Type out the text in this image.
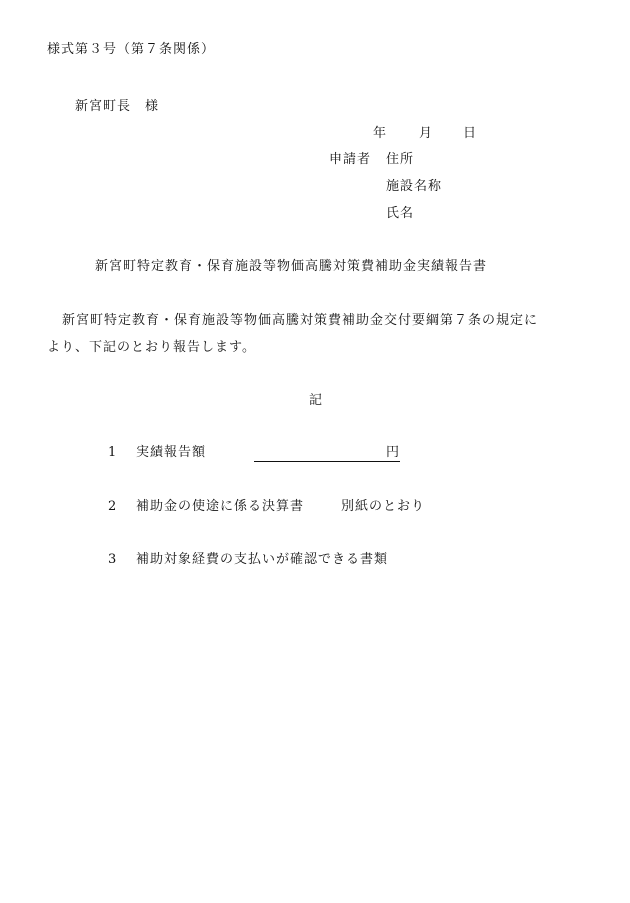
様式第３号（第７条関係）
新宮町長　様
年 月 日
申請者 住所
施設名称
氏名
新宮町特定教育・保育施設等物価高騰対策費補助金実績報告書
新宮町特定教育・保育施設等物価高騰対策費補助金交付要綱第７条の規定に
より、下記のとおり報告します。
記
1 実績報告額	円
2 補助金の使途に係る決算書	別紙のとおり
3 補助対象経費の支払いが確認できる書類
